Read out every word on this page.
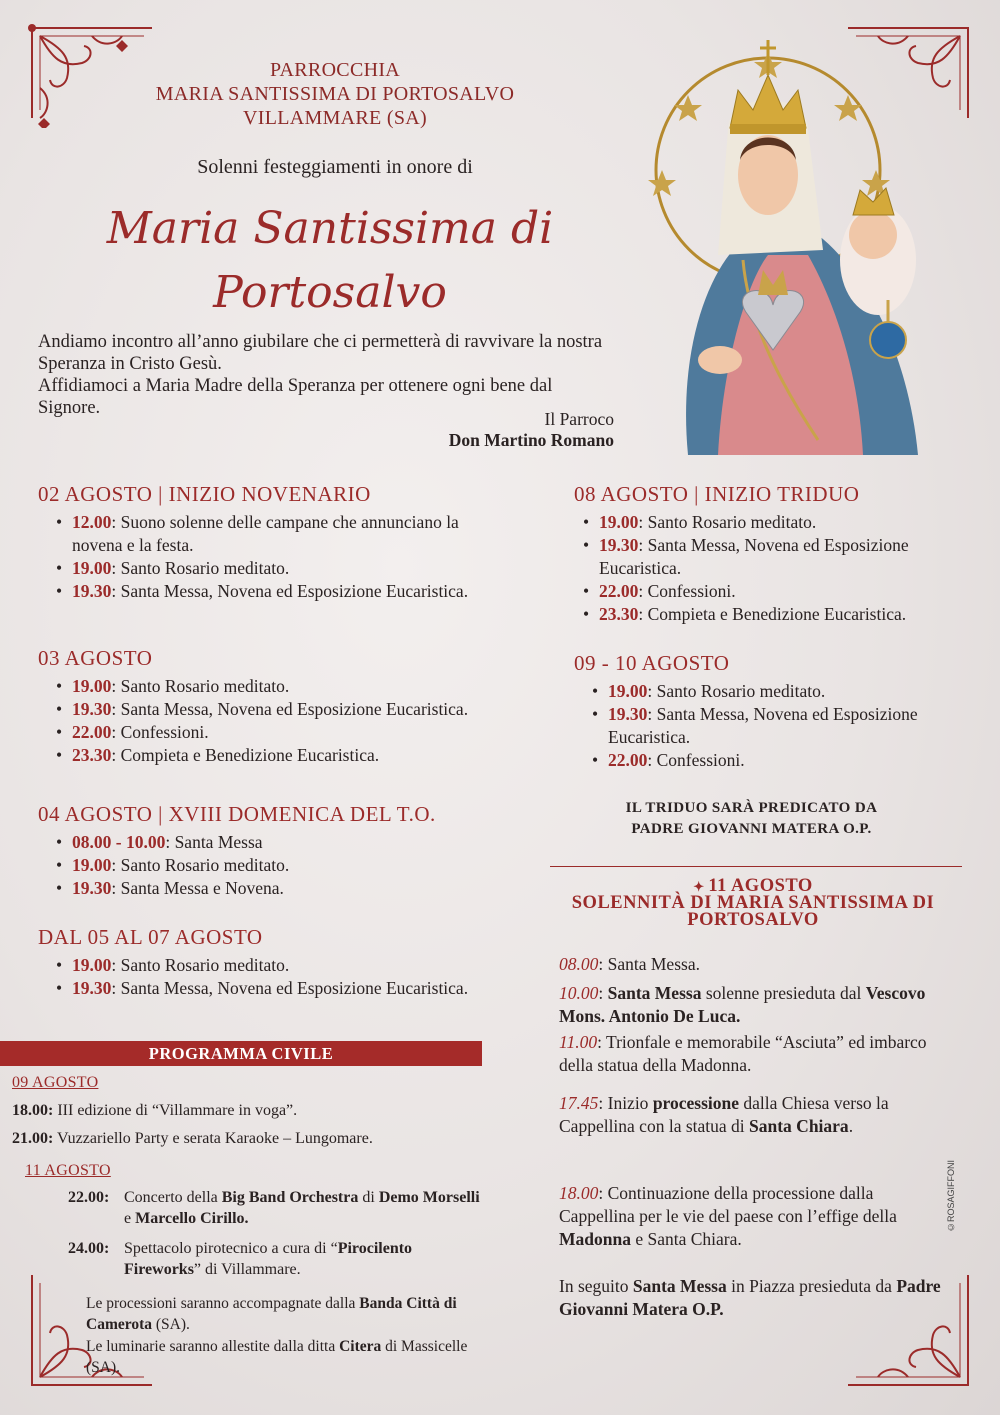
PARROCCHIA
MARIA SANTISSIMA DI PORTOSALVO
VILLAMMARE (SA)
Solenni festeggiamenti in onore di
Maria Santissima di
Portosalvo
Andiamo incontro all’anno giubilare che ci permetterà di ravvivare la nostra Speranza in Cristo Gesù.
Affidiamoci a Maria Madre della Speranza per ottenere ogni bene dal Signore.
Il Parroco
Don Martino Romano
02 AGOSTO | INIZIO NOVENARIO
• 12.00: Suono solenne delle campane che annunciano la novena e la festa.
• 19.00: Santo Rosario meditato.
• 19.30: Santa Messa, Novena ed Esposizione Eucaristica.
03 AGOSTO
• 19.00: Santo Rosario meditato.
• 19.30: Santa Messa, Novena ed Esposizione Eucaristica.
• 22.00: Confessioni.
• 23.30: Compieta e Benedizione Eucaristica.
04 AGOSTO | XVIII DOMENICA DEL T.O.
• 08.00 - 10.00: Santa Messa
• 19.00: Santo Rosario meditato.
• 19.30: Santa Messa e Novena.
DAL 05 AL 07 AGOSTO
• 19.00: Santo Rosario meditato.
• 19.30: Santa Messa, Novena ed Esposizione Eucaristica.
08 AGOSTO | INIZIO TRIDUO
• 19.00: Santo Rosario meditato.
• 19.30: Santa Messa, Novena ed Esposizione Eucaristica.
• 22.00: Confessioni.
• 23.30: Compieta e Benedizione Eucaristica.
09 - 10 AGOSTO
• 19.00: Santo Rosario meditato.
• 19.30: Santa Messa, Novena ed Esposizione Eucaristica.
• 22.00: Confessioni.
IL TRIDUO SARÀ PREDICATO DA
PADRE GIOVANNI MATERA O.P.
✦ 11 AGOSTO
SOLENNITÀ DI MARIA SANTISSIMA DI
PORTOSALVO
08.00: Santa Messa.
10.00: Santa Messa solenne presieduta dal Vescovo Mons. Antonio De Luca.
11.00: Trionfale e memorabile “Asciuta” ed imbarco della statua della Madonna.
17.45: Inizio processione dalla Chiesa verso la Cappellina con la statua di Santa Chiara.
18.00: Continuazione della processione dalla Cappellina per le vie del paese con l’effige della Madonna e Santa Chiara.
In seguito Santa Messa in Piazza presieduta da Padre Giovanni Matera O.P.
PROGRAMMA CIVILE
09 AGOSTO
18.00: III edizione di “Villammare in voga”.
21.00: Vuzzariello Party e serata Karaoke – Lungomare.
11 AGOSTO
22.00: Concerto della Big Band Orchestra di Demo Morselli e Marcello Cirillo.
24.00: Spettacolo pirotecnico a cura di “Pirocilento Fireworks” di Villammare.
Le processioni saranno accompagnate dalla Banda Città di Camerota (SA).
Le luminarie saranno allestite dalla ditta Citera di Massicelle (SA).
©ROSAGIFFONI
